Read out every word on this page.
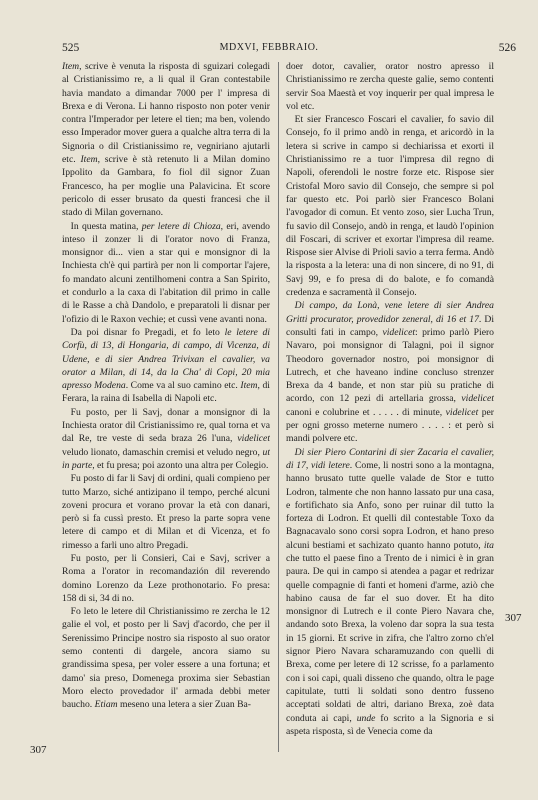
525	MDXVI, FEBBRAIO.	526

Item, scrive è venuta la risposta di sguizari colegadi al Cristianissimo re, a li qual il Gran contestabile havia mandato a dimandar 7000 per l' impresa di Brexa e di Verona. Li hanno risposto non poter venir contra l'Imperador per letere el tien; ma ben, volendo esso Imperador mover guera a qualche altra terra di la Signoria o dil Cristianissimo re, vegniriano ajutarli etc. Item, scrive è stà retenuto li a Milan domino Ippolito da Gambara, fo fiol dil signor Zuan Francesco, ha per moglie una Palavicina. Et score pericolo di esser brusato da questi francesi che il stado di Milan governano.

In questa matina, per letere di Chioza, eri, avendo inteso il zonzer li di l'orator novo di Franza, monsignor di... vien a star qui e monsignor di la Inchiesta ch'è qui partirà per non li comportar l'ajere, fo mandato alcuni zentilhomeni contra a San Spirito, et condurlo a la caxa di l'abitation dil primo in calle di le Rasse a chà Dandolo, e preparatoli li disnar per l'ofizio di le Raxon vechie; et cussì vene avanti nona.

Da poi disnar fo Pregadi, et fo leto le letere di Corfù, di 13, di Hongaria, di campo, di Vicenza, di Udene, e di sier Andrea Trivixan el cavalier, va orator a Milan, di 14, da la Cha' di Copi, 20 mia apresso Modena. Come va al suo camino etc. Item, di Ferara, la raina di Isabella di Napoli etc.

Fu posto, per li Savj, donar a monsignor di la Inchiesta orator dil Cristianissimo re, qual torna et va dal Re, tre veste di seda braza 26 l'una, videlicet veludo lionato, damaschin cremisi et veludo negro, ut in parte, et fu presa; poi azonto una altra per Colegio.

Fu posto di far li Savj di ordini, quali compieno per tutto Marzo, siché antizipano il tempo, perché alcuni zoveni procura et vorano provar la età con danari, però si fa cussì presto. Et preso la parte sopra vene letere di campo et di Milan et di Vicenza, et fo rimesso a farli uno altro Pregadi.

Fu posto, per li Consieri, Cai e Savj, scriver a Roma a l'orator in recomandazión dil reverendo domino Lorenzo da Leze prothonotario. Fo presa: 158 di si, 34 di no.

Fo leto le letere dil Christianissimo re zercha le 12 galie el vol, et posto per li Savj d'acordo, che per il Serenissimo Principe nostro sia risposto al suo orator semo contenti di dargele, ancora siamo su grandissima spesa, per voler essere a una fortuna; et damo' sia preso, Domenega proxima sier Sebastian Moro electo provedador il' armada debbi meter baucho. Etiam meseno una letera a sier Zuan Ba-

doer dotor, cavalier, orator nostro apresso il Christianissimo re zercha queste galie, semo contenti servir Soa Maestà et voy inquerir per qual impresa le vol etc.

Et sier Francesco Foscari el cavalier, fo savio dil Consejo, fo il primo andò in renga, et aricordò in la letera si scrive in campo si dechiarissa et exorti il Christianissimo re a tuor l'impresa dil regno di Napoli, oferendoli le nostre forze etc. Rispose sier Cristofal Moro savio dil Consejo, che sempre si pol far questo etc. Poi parlò sier Francesco Bolani l'avogador di comun. Et vento zoso, sier Lucha Trun, fu savio dil Consejo, andò in renga, et laudò l'opinion dil Foscari, di scriver et exortar l'impresa dil reame. Rispose sier Alvise di Prioli savio a terra ferma. Andò la risposta a la letera: una di non sincere, di no 91, di Savj 99, e fo presa di do balote, e fo comandà credenza e sacramentà il Consejo.

Di campo, da Lonà, vene letere di sier Andrea Gritti procurator, provedidor zeneral, di 16 et 17. Di consulti fati in campo, videlicet: primo parlò Piero Navaro, poi monsignor di Talagni, poi il signor Theodoro governador nostro, poi monsignor di Lutrech, et che haveano indine concluso strenzer Brexa da 4 bande, et non star più su pratiche di acordo, con 12 pezi di artellaria grossa, videlicet canoni e colubrine et . . . . . di minute, videlicet per per ogni grosso meterne numero . . . . : et però si mandi polvere etc.

Di sier Piero Contarini di sier Zacaria el cavalier, di 17, vidi letere. Come, li nostri sono a la montagna, hanno brusato tutte quelle valade de Stor e tutto Lodron, talmente che non hanno lassato pur una casa, e fortifichato sia Anfo, sono per ruinar dil tutto la forteza di Lodron. Et quelli dil contestable Toxo da Bagnacavalo sono corsi sopra Lodron, et hano preso alcuni bestiami et sachizato quanto hanno potuto, ita che tutto el paese fino a Trento de i nimici è in gran paura. De qui in campo si atendea a pagar et redrizar quelle compagnie di fanti et homeni d'arme, aziò che habino causa de far el suo dover. Et ha dito monsignor di Lutrech e il conte Piero Navara che, andando soto Brexa, la voleno dar sopra la sua testa in 15 giorni. Et scrive in zifra, che l'altro zorno ch'el signor Piero Navara scharamuzando con quelli di Brexa, come per letere di 12 scrisse, fo a parlamento con i soi capi, quali disseno che quando, oltra le page capitulate, tutti li soldati sono dentro fusseno acceptati soldati de altri, dariano Brexa, zoè data conduta ai capi, unde fo scrito a la Signoria e si aspeta risposta, sì de Venecia come da

307
307
